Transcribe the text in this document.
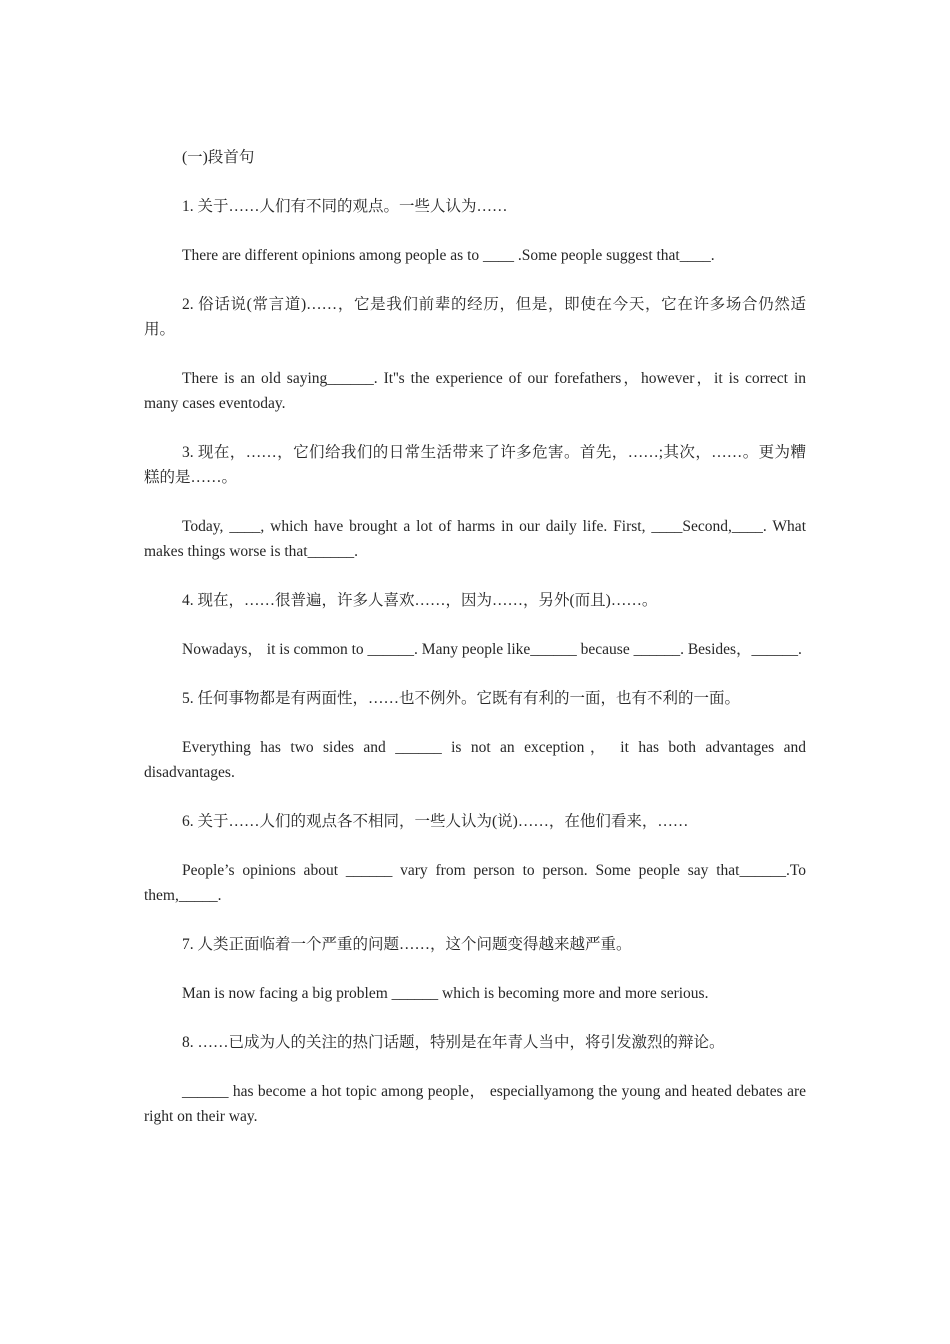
(一)段首句

1. 关于……人们有不同的观点。一些人认为……

There are different opinions among people as to ____ .Some people suggest that____.

2. 俗话说(常言道)……，它是我们前辈的经历，但是，即使在今天，它在许多场合仍然适用。

There is an old saying______. It''s the experience of our forefathers，however，it is correct in many cases eventoday.

3. 现在，……，它们给我们的日常生活带来了许多危害。首先，……;其次，……。更为糟糕的是……。

Today, ____, which have brought a lot of harms in our daily life. First, ____Second,____. What makes things worse is that______.

4. 现在，……很普遍，许多人喜欢……，因为……，另外(而且)……。

Nowadays， it is common to ______. Many people like______ because ______. Besides，______.

5. 任何事物都是有两面性，……也不例外。它既有有利的一面，也有不利的一面。

Everything has two sides and ______ is not an exception， it has both advantages and disadvantages.

6. 关于……人们的观点各不相同，一些人认为(说)……，在他们看来，……

People’s opinions about ______ vary from person to person. Some people say that______.To them,_____.

7. 人类正面临着一个严重的问题……，这个问题变得越来越严重。

Man is now facing a big problem ______ which is becoming more and more serious.

8. ……已成为人的关注的热门话题，特别是在年青人当中，将引发激烈的辩论。

______ has become a hot topic among people， especiallyamong the young and heated debates are right on their way.
